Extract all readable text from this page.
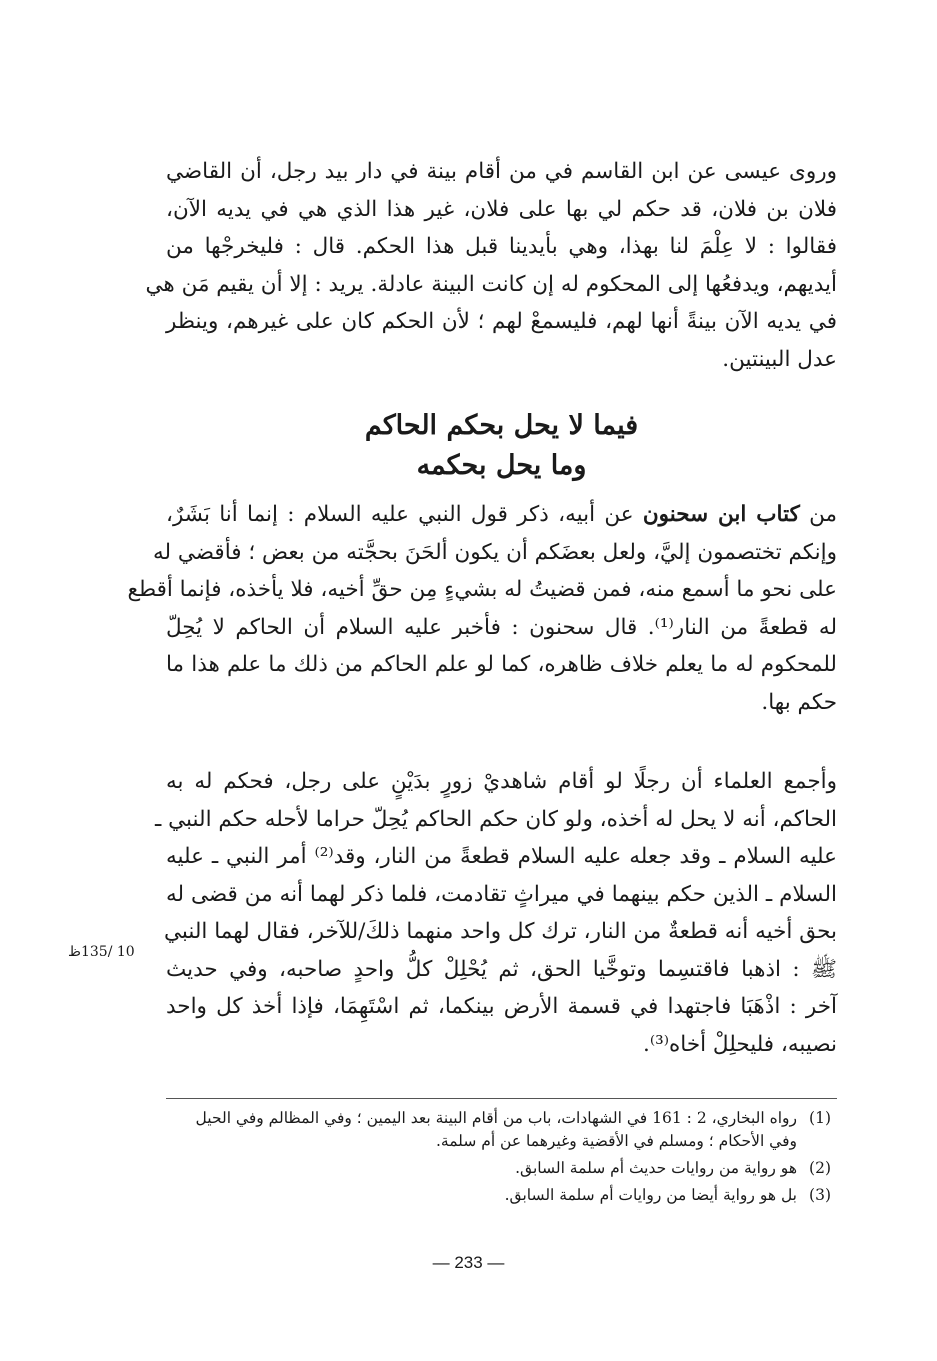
وروى عيسى عن ابن القاسم في من أقام بينة في دار بيد رجل، أن القاضي
فلان بن فلان، قد حكم لي بها على فلان، غير هذا الذي هي في يديه الآن،
فقالوا : لا عِلْمَ لنا بهذا، وهي بأيدينا قبل هذا الحكم. قال : فليخرجْها من
أيديهم، ويدفعُها إلى المحكوم له إن كانت البينة عادلة. يريد : إلا أن يقيم مَن هي
في يديه الآن بينةً أنها لهم، فليسمعْ لهم ؛ لأن الحكم كان على غيرهم، وينظر
عدل البينتين.
فيما لا يحل بحكم الحاكم
وما يحل بحكمه
من كتاب ابن سحنون عن أبيه، ذكر قول النبي عليه السلام : إنما أنا بَشَرٌ،
وإنكم تختصمون إليَّ، ولعل بعضَكم أن يكون ألحَنَ بحجَّته من بعض ؛ فأقضي له
على نحو ما أسمع منه، فمن قضيتُ له بشيءٍ مِن حقِّ أخيه، فلا يأخذه، فإنما أقطع
له قطعةً من النار⁽¹⁾. قال سحنون : فأخبر عليه السلام أن الحاكم لا يُحِلّ
للمحكوم له ما يعلم خلاف ظاهره، كما لو علم الحاكم من ذلك ما علم هذا ما
حكم بها.
وأجمع العلماء أن رجلًا لو أقام شاهديْ زورٍ بدَيْنٍ على رجل، فحكم له به
الحاكم، أنه لا يحل له أخذه، ولو كان حكم الحاكم يُحِلّ حراما لأحله حكم النبي ـ
عليه السلام ـ وقد جعله عليه السلام قطعةً من النار، وقد⁽²⁾ أمر النبي ـ عليه
السلام ـ الذين حكم بينهما في ميراثٍ تقادمت، فلما ذكر لهما أنه من قضى له
بحق أخيه أنه قطعةٌ من النار، ترك كل واحد منهما ذلكَ/للآخر، فقال لهما النبي
ﷺ : اذهبا فاقتسِما وتوخَّيا الحق، ثم يُحْلِلْ كلُّ واحدٍ صاحبه، وفي حديث
آخر : اذْهَبَا فاجتهدا في قسمة الأرض بينكما، ثم اسْتَهِمَا، فإذا أخذ كل واحد
نصيبه، فليحلِلْ أخاه⁽³⁾.
10 /135ظ
(1)
رواه البخاري، 2 : 161 في الشهادات، باب من أقام البينة بعد اليمين ؛ وفي المظالم وفي الحيل وفي الأحكام ؛ ومسلم في الأقضية وغيرهما عن أم سلمة.
(2)
هو رواية من روايات حديث أم سلمة السابق.
(3)
بل هو رواية أيضا من روايات أم سلمة السابق.
— 233 —
